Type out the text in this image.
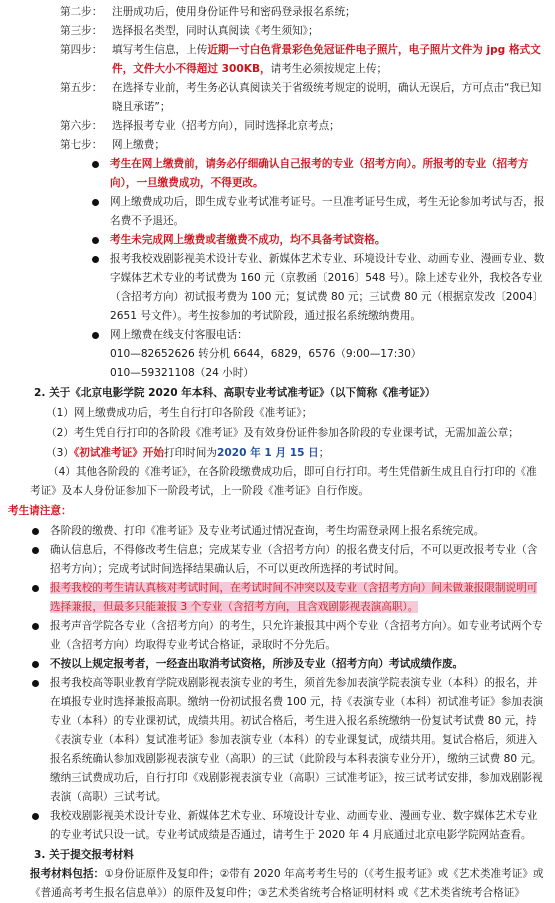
第二步： 注册成功后，使用身份证件号和密码登录报名系统；
第三步： 选择报名类型，同时认真阅读《考生须知》；
第四步： 填写考生信息，上传近期一寸白色背景彩色免冠证件电子照片，电子照片文件为 jpg 格式文件，文件大小不得超过 300KB，请考生必须按规定上传；
第五步： 在选择专业前，考生务必认真阅读关于省级统考规定的说明，确认无误后，方可点击“我已知晓且承诺”；
第六步： 选择报考专业（招考方向），同时选择北京考点；
第七步： 网上缴费；
考生在网上缴费前，请务必仔细确认自己报考的专业（招考方向）。所报考的专业（招考方向），一旦缴费成功，不得更改。
网上缴费成功后，即生成专业考试准考证号。一旦准考证号生成，考生无论参加考试与否，报名费不予退还。
考生未完成网上缴费或者缴费不成功，均不具备考试资格。
报考我校戏剧影视美术设计专业、新媒体艺术专业、环境设计专业、动画专业、漫画专业、数字媒体艺术专业的考试费为 160 元（京教函〔2016〕548 号）。除上述专业外，我校各专业（含招考方向）初试报考费为 100 元；复试费 80 元；三试费 80 元（根据京发改〔2004〕2651 号文件）。考生按参加的考试阶段，通过报名系统缴纳费用。
网上缴费在线支付客服电话：
010—82652626 转分机 6644，6829，6576（9:00—17:30）
010—59321108（24 小时）
2. 关于《北京电影学院 2020 年本科、高职专业考试准考证》（以下简称《准考证》）
（1）网上缴费成功后，考生自行打印各阶段《准考证》；
（2）考生凭自行打印的各阶段《准考证》及有效身份证件参加各阶段的专业课考试，无需加盖公章；
（3）《初试准考证》开始打印时间为2020 年 1 月 15 日；
（4）其他各阶段的《准考证》，在各阶段缴费成功后，即可自行打印。考生凭借新生成且自行打印的《准考证》及本人身份证参加下一阶段考试，上一阶段《准考证》自行作废。
考生请注意：
各阶段的缴费、打印《准考证》及专业考试通过情况查询，考生均需登录网上报名系统完成。
确认信息后，不得修改考生信息；完成某专业（含招考方向）的报名费支付后，不可以更改报考专业（含招考方向）；完成考试时间选择结果确认后，不可以更改所选择的考试时间。
报考我校的考生请认真核对考试时间，在考试时间不冲突以及专业（含招考方向）间未做兼报限制说明可选择兼报，但最多只能兼报 3 个专业（含招考方向，且含戏剧影视表演高职）。
报考声音学院各专业（含招考方向）的考生，只允许兼报其中两个专业（含招考方向）。如专业考试两个专业（含招考方向）均取得专业考试合格证，录取时不分先后。
不按以上规定报考者，一经查出取消考试资格，所涉及专业（招考方向）考试成绩作废。
报考我校高等职业教育学院戏剧影视表演专业的考生，须首先参加表演学院表演专业（本科）的报名，并在填报专业时选择兼报高职。缴纳一份初试报名费 100 元，持《表演专业（本科）初试准考证》参加表演专业（本科）的专业课初试，成绩共用。初试合格后，考生进入报名系统缴纳一份复试考试费 80 元，持《表演专业（本科）复试准考证》参加表演专业（本科）的专业课复试，成绩共用。复试合格后，须进入报名系统确认参加戏剧影视表演专业（高职）的三试（此阶段与本科表演专业分开），缴纳三试费 80 元。缴纳三试费成功后，自行打印《戏剧影视表演专业（高职）三试准考证》，按三试考试安排，参加戏剧影视表演（高职）三试考试。
我校戏剧影视美术设计专业、新媒体艺术专业、环境设计专业、动画专业、漫画专业、数字媒体艺术专业的专业考试只设一试。专业考试成绩是否通过，请考生于 2020 年 4 月底通过北京电影学院网站查看。
3. 关于提交报考材料
报考材料包括：①身份证原件及复印件；②带有 2020 年高考考生号的（《考生报考证》或《艺术类准考证》或《普通高考考生报名信息单》）的原件及复印件；③艺术类省统考合格证明材料 或《艺术类省统考合格证》
